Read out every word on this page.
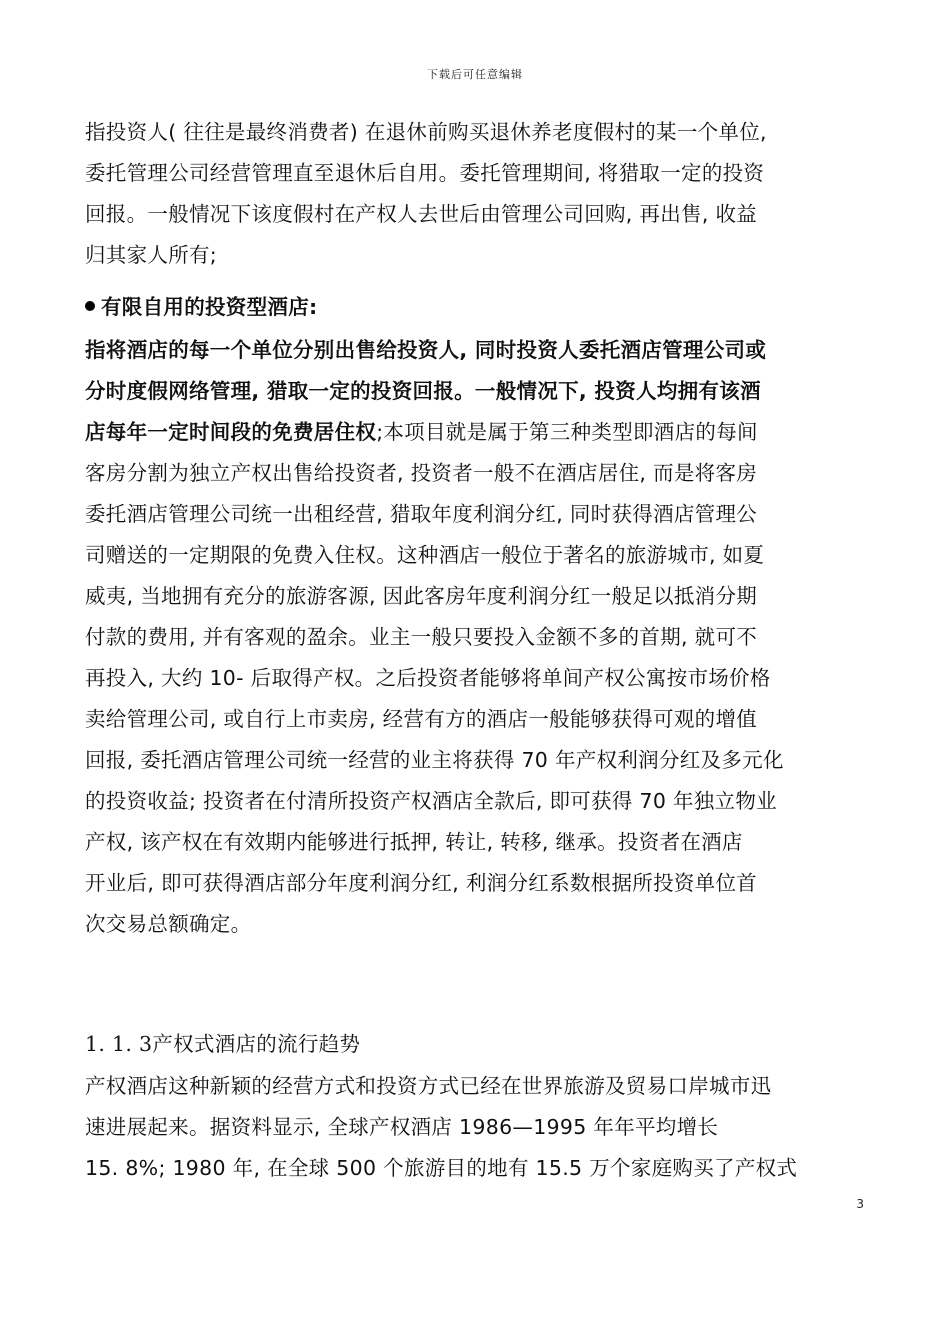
下载后可任意编辑
指投资人( 往往是最终消费者) 在退休前购买退休养老度假村的某一个单位,
委托管理公司经营管理直至退休后自用。委托管理期间, 将猎取一定的投资
回报。一般情况下该度假村在产权人去世后由管理公司回购, 再出售, 收益
归其家人所有;
有限自用的投资型酒店:
指将酒店的每一个单位分别出售给投资人, 同时投资人委托酒店管理公司或
分时度假网络管理, 猎取一定的投资回报。一般情况下, 投资人均拥有该酒
店每年一定时间段的免费居住权;本项目就是属于第三种类型即酒店的每间
客房分割为独立产权出售给投资者, 投资者一般不在酒店居住, 而是将客房
委托酒店管理公司统一出租经营, 猎取年度利润分红, 同时获得酒店管理公
司赠送的一定期限的免费入住权。这种酒店一般位于著名的旅游城市, 如夏
威夷, 当地拥有充分的旅游客源, 因此客房年度利润分红一般足以抵消分期
付款的费用, 并有客观的盈余。业主一般只要投入金额不多的首期, 就可不
再投入, 大约 10- 后取得产权。之后投资者能够将单间产权公寓按市场价格
卖给管理公司, 或自行上市卖房, 经营有方的酒店一般能够获得可观的增值
回报, 委托酒店管理公司统一经营的业主将获得 70 年产权利润分红及多元化
的投资收益; 投资者在付清所投资产权酒店全款后, 即可获得 70 年独立物业
产权, 该产权在有效期内能够进行抵押, 转让, 转移, 继承。投资者在酒店
开业后, 即可获得酒店部分年度利润分红, 利润分红系数根据所投资单位首
次交易总额确定。
1. 1. 3产权式酒店的流行趋势
产权酒店这种新颖的经营方式和投资方式已经在世界旅游及贸易口岸城市迅
速进展起来。据资料显示, 全球产权酒店 1986—1995 年年平均增长
15. 8%; 1980 年, 在全球 500 个旅游目的地有 15.5 万个家庭购买了产权式
3
